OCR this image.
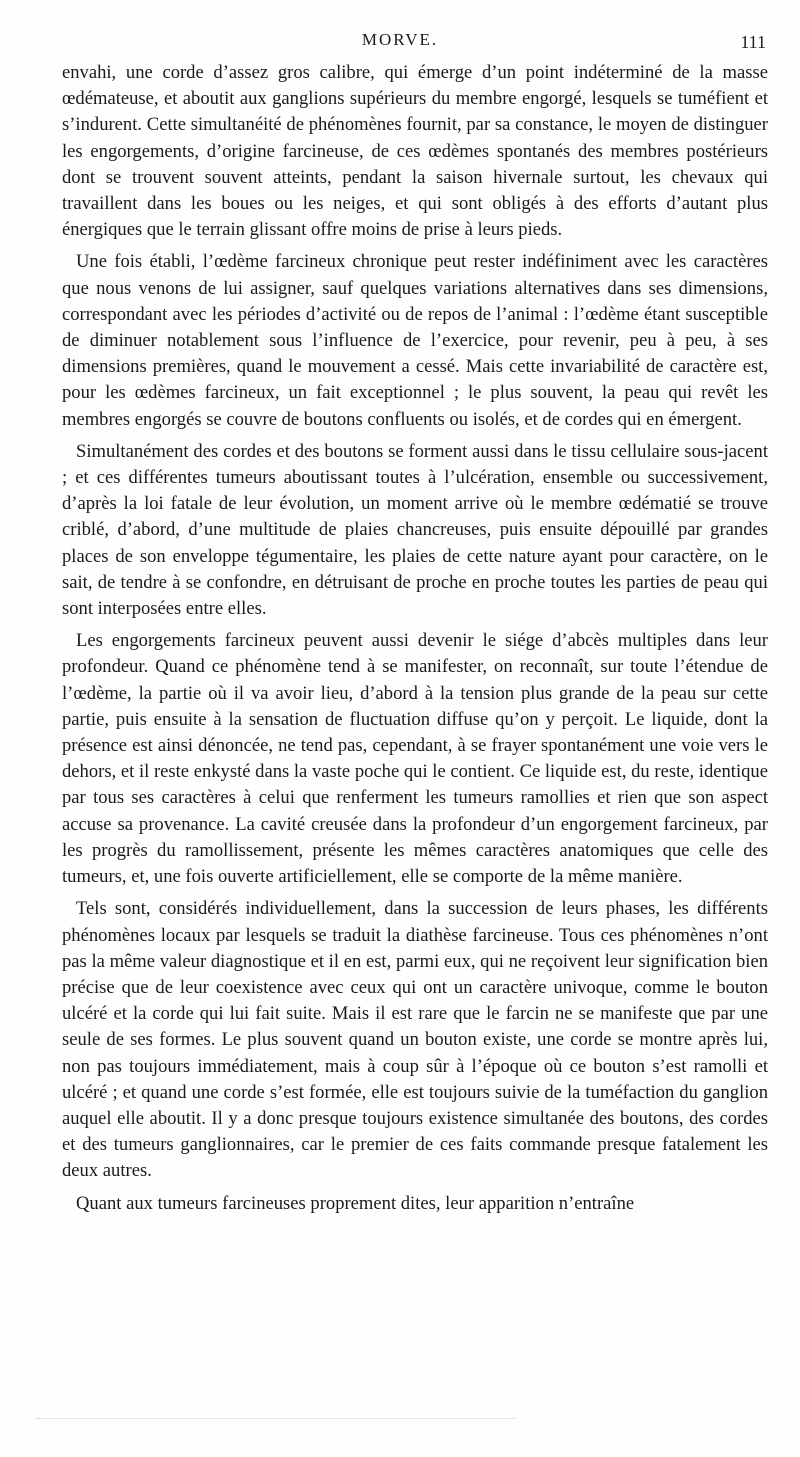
MORVE.	111

envahi, une corde d’assez gros calibre, qui émerge d’un point indéterminé de la masse œdémateuse, et aboutit aux ganglions supérieurs du membre engorgé, lesquels se tuméfient et s’indurent. Cette simultanéité de phénomènes fournit, par sa constance, le moyen de distinguer les engorgements, d’origine farcineuse, de ces œdèmes spontanés des membres postérieurs dont se trouvent souvent atteints, pendant la saison hivernale surtout, les chevaux qui travaillent dans les boues ou les neiges, et qui sont obligés à des efforts d’autant plus énergiques que le terrain glissant offre moins de prise à leurs pieds.

Une fois établi, l’œdème farcineux chronique peut rester indéfiniment avec les caractères que nous venons de lui assigner, sauf quelques variations alternatives dans ses dimensions, correspondant avec les périodes d’activité ou de repos de l’animal : l’œdème étant susceptible de diminuer notablement sous l’influence de l’exercice, pour revenir, peu à peu, à ses dimensions premières, quand le mouvement a cessé. Mais cette invariabilité de caractère est, pour les œdèmes farcineux, un fait exceptionnel ; le plus souvent, la peau qui revêt les membres engorgés se couvre de boutons confluents ou isolés, et de cordes qui en émergent.

Simultanément des cordes et des boutons se forment aussi dans le tissu cellulaire sous-jacent ; et ces différentes tumeurs aboutissant toutes à l’ulcération, ensemble ou successivement, d’après la loi fatale de leur évolution, un moment arrive où le membre œdématié se trouve criblé, d’abord, d’une multitude de plaies chancreuses, puis ensuite dépouillé par grandes places de son enveloppe tégumentaire, les plaies de cette nature ayant pour caractère, on le sait, de tendre à se confondre, en détruisant de proche en proche toutes les parties de peau qui sont interposées entre elles.

Les engorgements farcineux peuvent aussi devenir le siége d’abcès multiples dans leur profondeur. Quand ce phénomène tend à se manifester, on reconnaît, sur toute l’étendue de l’œdème, la partie où il va avoir lieu, d’abord à la tension plus grande de la peau sur cette partie, puis ensuite à la sensation de fluctuation diffuse qu’on y perçoit. Le liquide, dont la présence est ainsi dénoncée, ne tend pas, cependant, à se frayer spontanément une voie vers le dehors, et il reste enkysté dans la vaste poche qui le contient. Ce liquide est, du reste, identique par tous ses caractères à celui que renferment les tumeurs ramollies et rien que son aspect accuse sa provenance. La cavité creusée dans la profondeur d’un engorgement farcineux, par les progrès du ramollissement, présente les mêmes caractères anatomiques que celle des tumeurs, et, une fois ouverte artificiellement, elle se comporte de la même manière.

Tels sont, considérés individuellement, dans la succession de leurs phases, les différents phénomènes locaux par lesquels se traduit la diathèse farcineuse. Tous ces phénomènes n’ont pas la même valeur diagnostique et il en est, parmi eux, qui ne reçoivent leur signification bien précise que de leur coexistence avec ceux qui ont un caractère univoque, comme le bouton ulcéré et la corde qui lui fait suite. Mais il est rare que le farcin ne se manifeste que par une seule de ses formes. Le plus souvent quand un bouton existe, une corde se montre après lui, non pas toujours immédiatement, mais à coup sûr à l’époque où ce bouton s’est ramolli et ulcéré ; et quand une corde s’est formée, elle est toujours suivie de la tuméfaction du ganglion auquel elle aboutit. Il y a donc presque toujours existence simultanée des boutons, des cordes et des tumeurs ganglionnaires, car le premier de ces faits commande presque fatalement les deux autres.

Quant aux tumeurs farcineuses proprement dites, leur apparition n’entraîne
